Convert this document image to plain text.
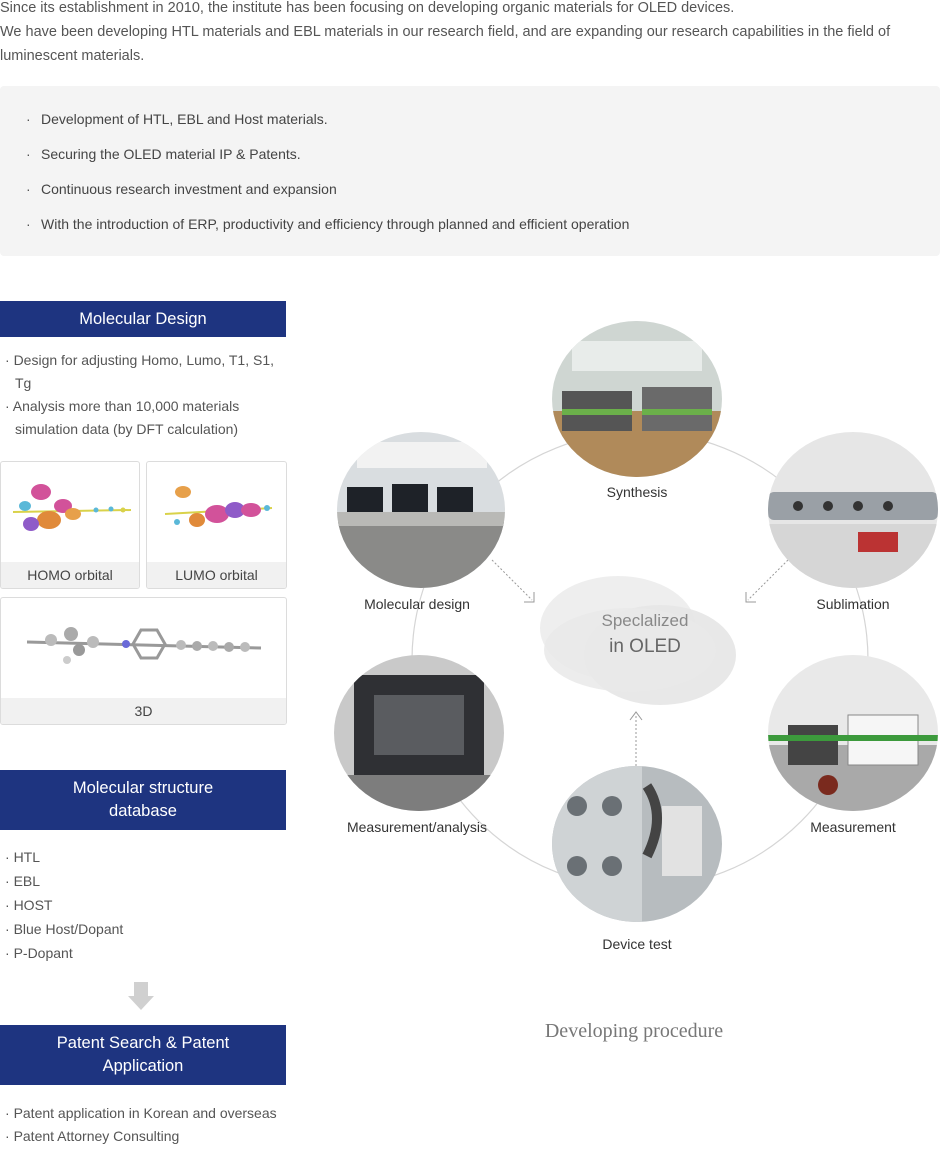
Since its establishment in 2010, the institute has been focusing on developing organic materials for OLED devices.

We have been developing HTL materials and EBL materials in our research field, and are expanding our research capabilities in the field of luminescent materials.

· Development of HTL, EBL and Host materials.
· Securing the OLED material IP & Patents.
· Continuous research investment and expansion
· With the introduction of ERP, productivity and efficiency through planned and efficient operation
Molecular Design
· Design for adjusting Homo, Lumo, T1, S1, Tg
· Analysis more than 10,000 materials simulation data (by DFT calculation)
HOMO orbital	LUMO orbital
3D
Molecular structure
database
· HTL
· EBL
· HOST
· Blue Host/Dopant
· P-Dopant
Patent Search & Patent
Application
· Patent application in Korean and overseas
· Patent Attorney Consulting
Speclalized
in OLED
Synthesis
Molecular design	Sublimation
Measurement/analysis	Measurement
Device test
Developing procedure
